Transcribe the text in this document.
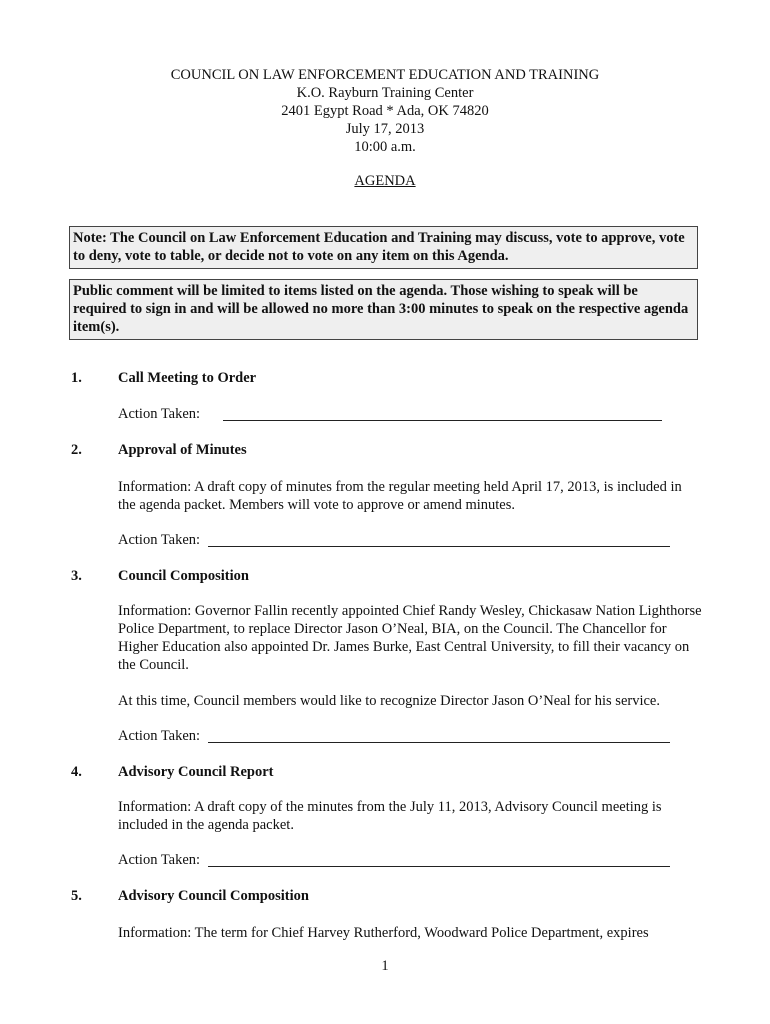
COUNCIL ON LAW ENFORCEMENT EDUCATION AND TRAINING
K.O. Rayburn Training Center
2401 Egypt Road * Ada, OK 74820
July 17, 2013
10:00 a.m.
AGENDA
Note: The Council on Law Enforcement Education and Training may discuss, vote to approve, vote to deny, vote to table, or decide not to vote on any item on this Agenda.
Public comment will be limited to items listed on the agenda. Those wishing to speak will be required to sign in and will be allowed no more than 3:00 minutes to speak on the respective agenda item(s).
1. Call Meeting to Order
Action Taken:
2. Approval of Minutes
Information: A draft copy of minutes from the regular meeting held April 17, 2013, is included in the agenda packet. Members will vote to approve or amend minutes.
Action Taken:
3. Council Composition
Information: Governor Fallin recently appointed Chief Randy Wesley, Chickasaw Nation Lighthorse Police Department, to replace Director Jason O’Neal, BIA, on the Council. The Chancellor for Higher Education also appointed Dr. James Burke, East Central University, to fill their vacancy on the Council.
At this time, Council members would like to recognize Director Jason O’Neal for his service.
Action Taken:
4. Advisory Council Report
Information: A draft copy of the minutes from the July 11, 2013, Advisory Council meeting is included in the agenda packet.
Action Taken:
5. Advisory Council Composition
Information: The term for Chief Harvey Rutherford, Woodward Police Department, expires
1
